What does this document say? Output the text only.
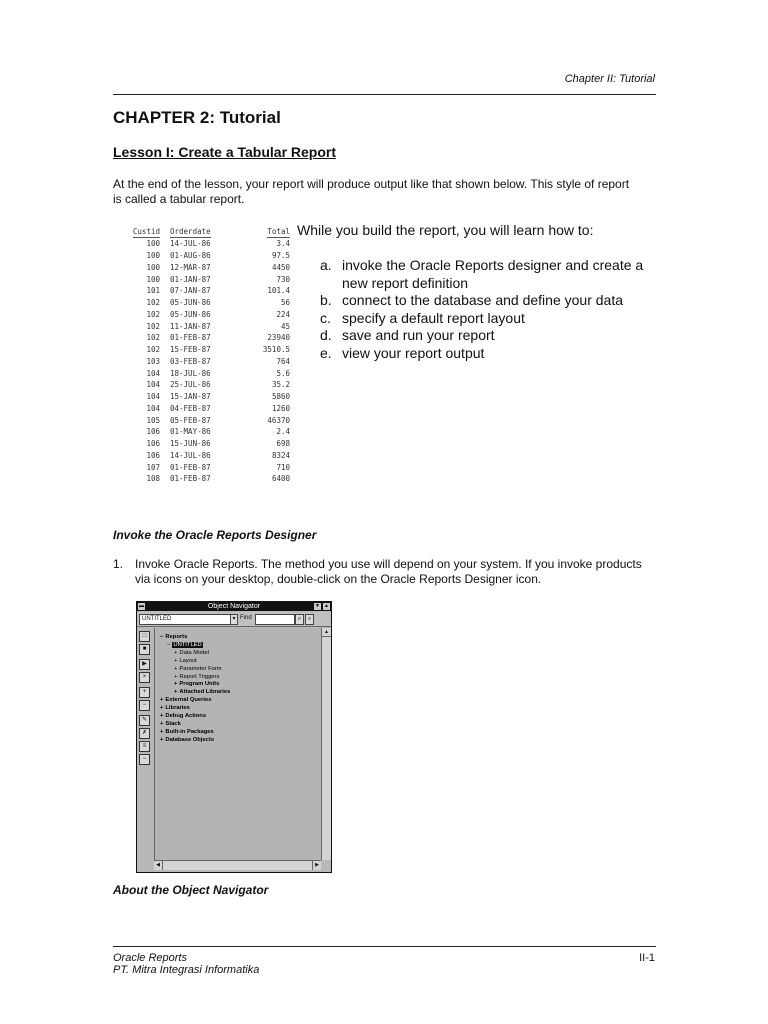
Chapter II: Tutorial
CHAPTER 2: Tutorial
Lesson I: Create a Tabular Report
At the end of the lesson, your report will produce output like that shown below. This style of report is called a tabular report.
Custid	Orderdate	Total
100	14-JUL-86	3.4
100	01-AUG-86	97.5
100	12-MAR-87	4450
100	01-JAN-87	730
101	07-JAN-87	101.4
102	05-JUN-86	56
102	05-JUN-86	224
102	11-JAN-87	45
102	01-FEB-87	23940
102	15-FEB-87	3510.5
103	03-FEB-87	764
104	18-JUL-86	5.6
104	25-JUL-86	35.2
104	15-JAN-87	5860
104	04-FEB-87	1260
105	05-FEB-87	46370
106	01-MAY-86	2.4
106	15-JUN-86	698
106	14-JUL-86	8324
107	01-FEB-87	710
108	01-FEB-87	6400
While you build the report, you will learn how to:
a. invoke the Oracle Reports designer and create a new report definition
b. connect to the database and define your data
c. specify a default report layout
d. save and run your report
e. view your report output
Invoke the Oracle Reports Designer
1. Invoke Oracle Reports. The method you use will depend on your system. If you invoke products via icons on your desktop, double-click on the Oracle Reports Designer icon.
▬	Object Navigator	▼ ▲
UNTITLED	▾ Find	⌕	⌕
□
■
▶
×
+
−
✎
✗
≡
−
− Reports
− UNTITLED
+ Data Model
+ Layout
+ Parameter Form
+ Report Triggers
+ Program Units
+ Attached Libraries
+ External Queries
+ Libraries
+ Debug Actions
+ Stack
+ Built-in Packages
+ Database Objects
▲
◀	▶
About the Object Navigator
Oracle Reports
PT. Mitra Integrasi Informatika
II-1
